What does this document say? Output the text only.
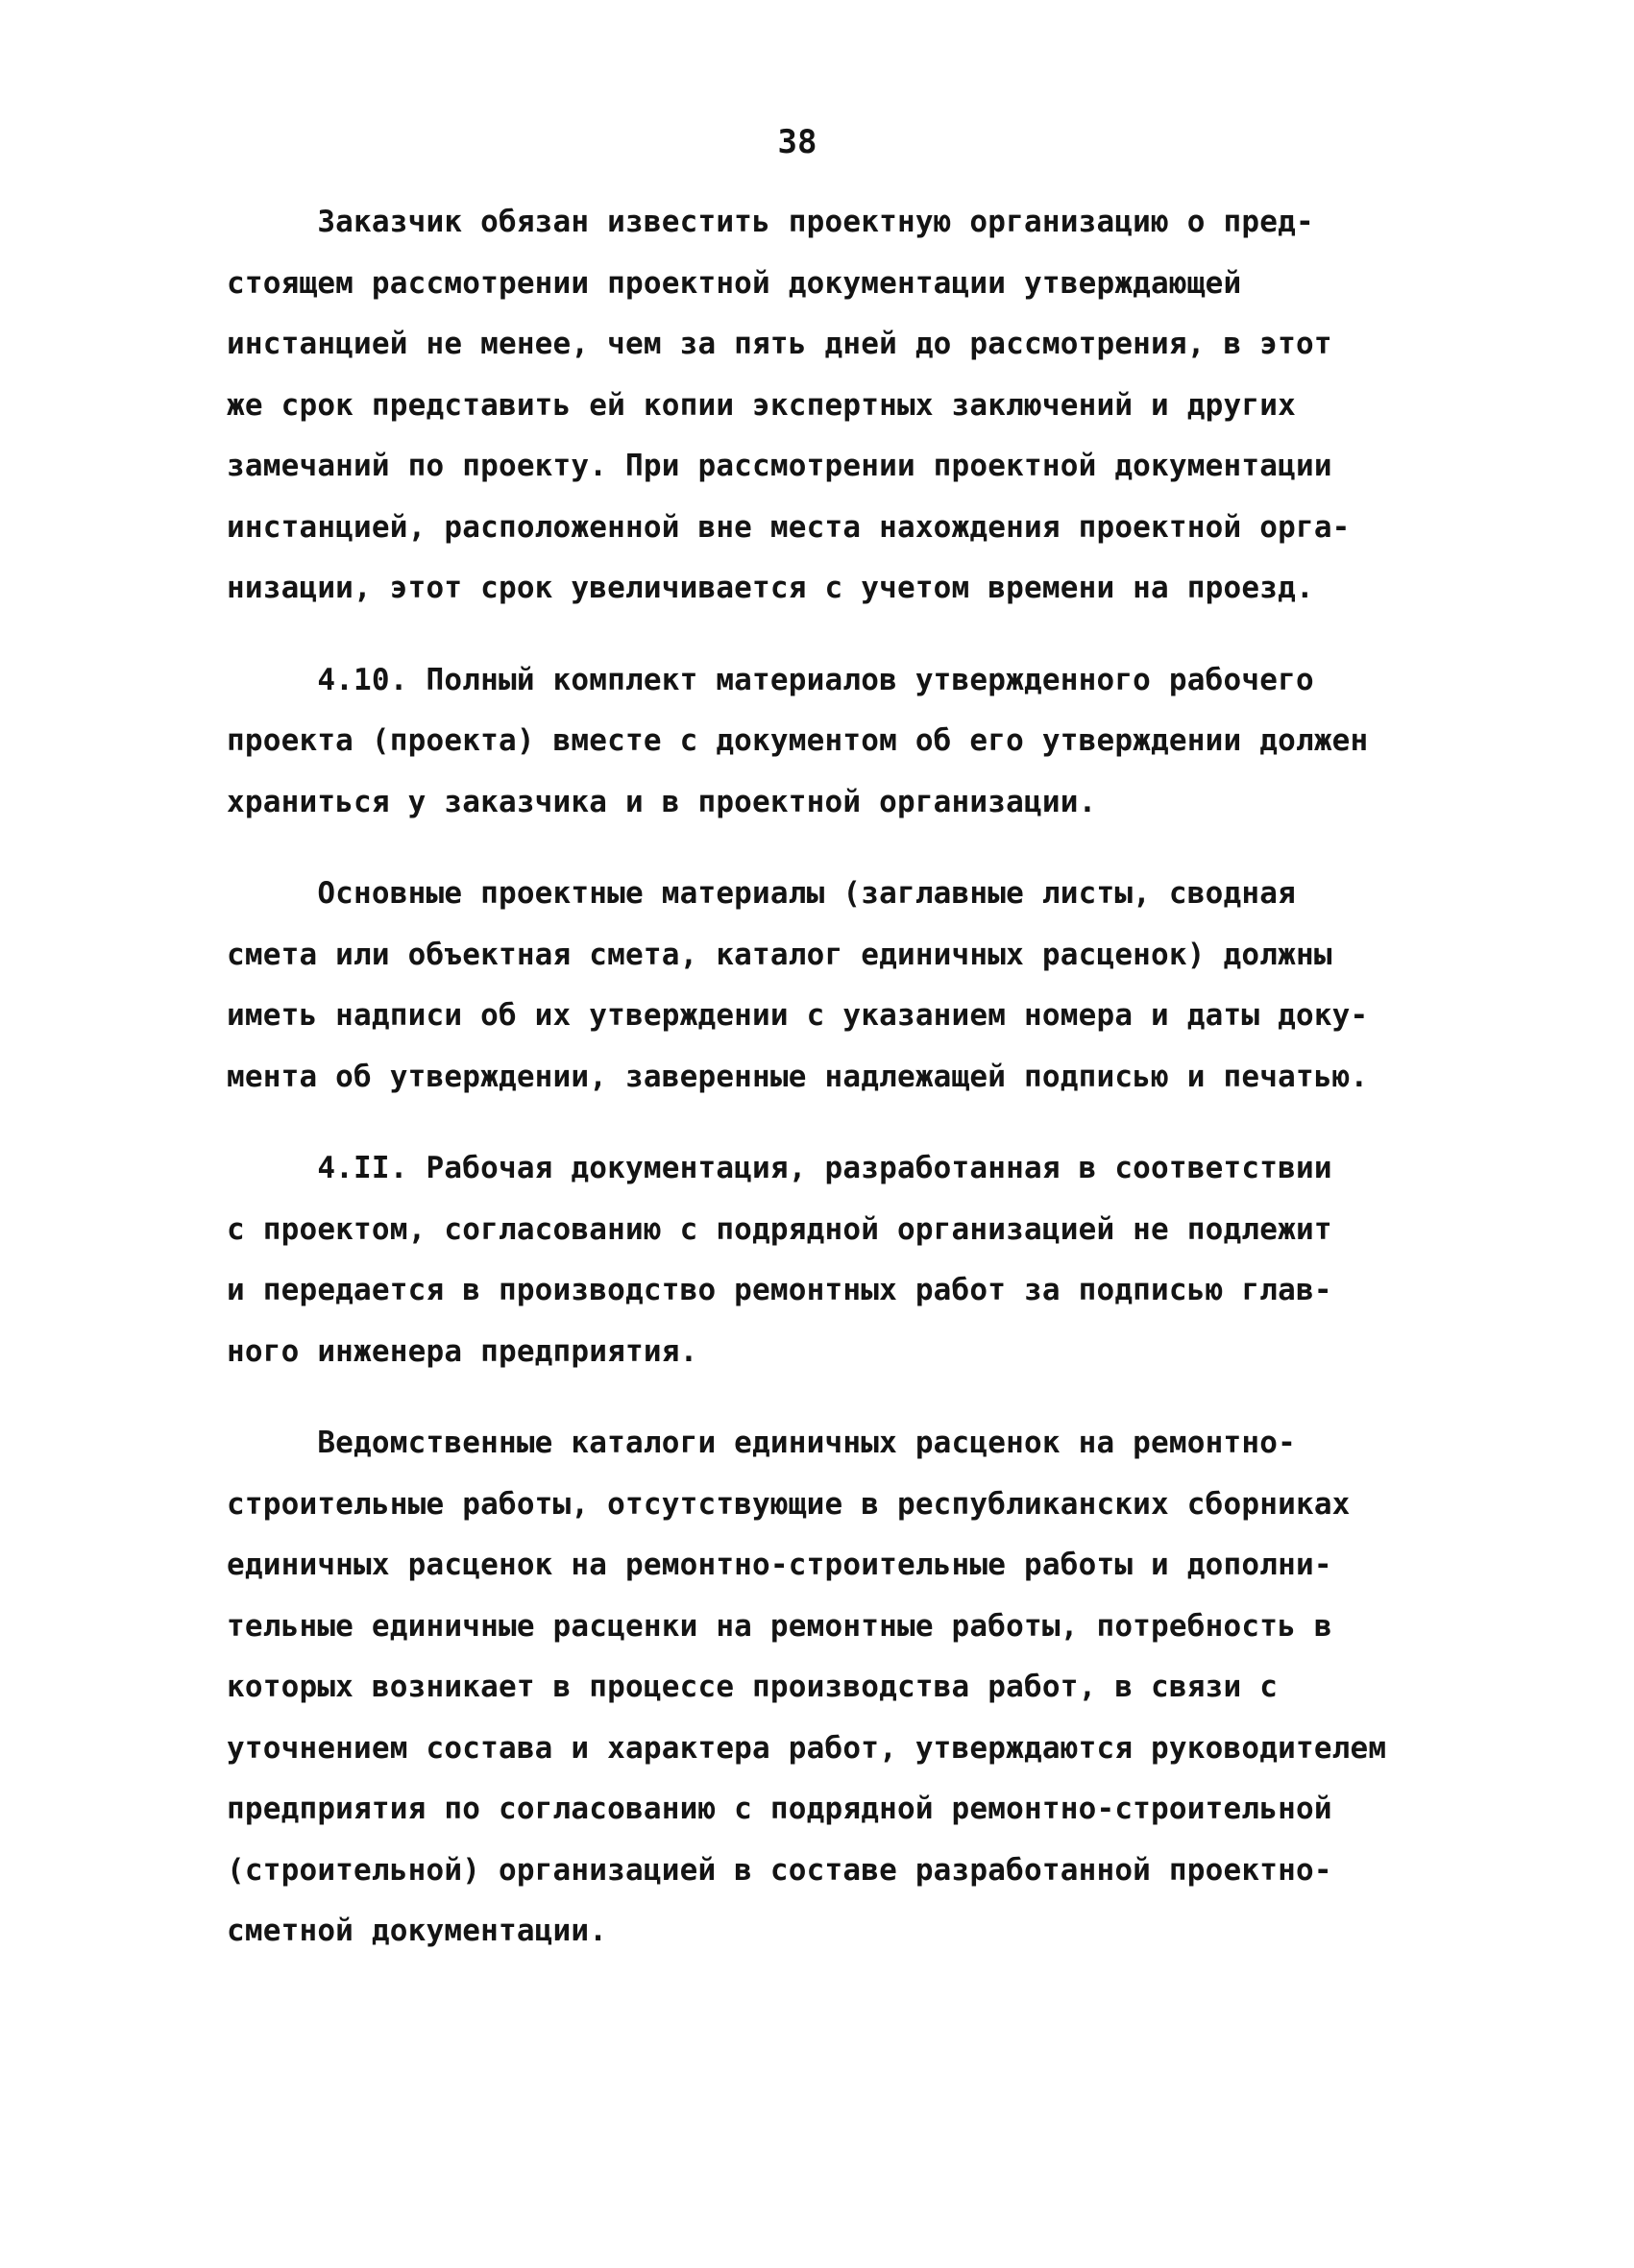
38
Заказчик обязан известить проектную организацию о пред-
стоящем рассмотрении проектной документации утверждающей
инстанцией не менее, чем за пять дней до рассмотрения, в этот
же срок представить ей копии экспертных заключений и других
замечаний по проекту. При рассмотрении проектной документации
инстанцией, расположенной вне места нахождения проектной орга-
низации, этот срок увеличивается с учетом времени на проезд.
4.10. Полный комплект материалов утвержденного рабочего
проекта (проекта) вместе с документом об его утверждении должен
храниться у заказчика и в проектной организации.
Основные проектные материалы (заглавные листы, сводная
смета или объектная смета, каталог единичных расценок) должны
иметь надписи об их утверждении с указанием номера и даты доку-
мента об утверждении, заверенные надлежащей подписью и печатью.
4.II. Рабочая документация, разработанная в соответствии
с проектом, согласованию с подрядной организацией не подлежит
и передается в производство ремонтных работ за подписью глав-
ного инженера предприятия.
Ведомственные каталоги единичных расценок на ремонтно-
строительные работы, отсутствующие в республиканских сборниках
единичных расценок на ремонтно-строительные работы и дополни-
тельные единичные расценки на ремонтные работы, потребность в
которых возникает в процессе производства работ, в связи с
уточнением состава и характера работ, утверждаются руководителем
предприятия по согласованию с подрядной ремонтно-строительной
(строительной) организацией в составе разработанной проектно-
сметной документации.
